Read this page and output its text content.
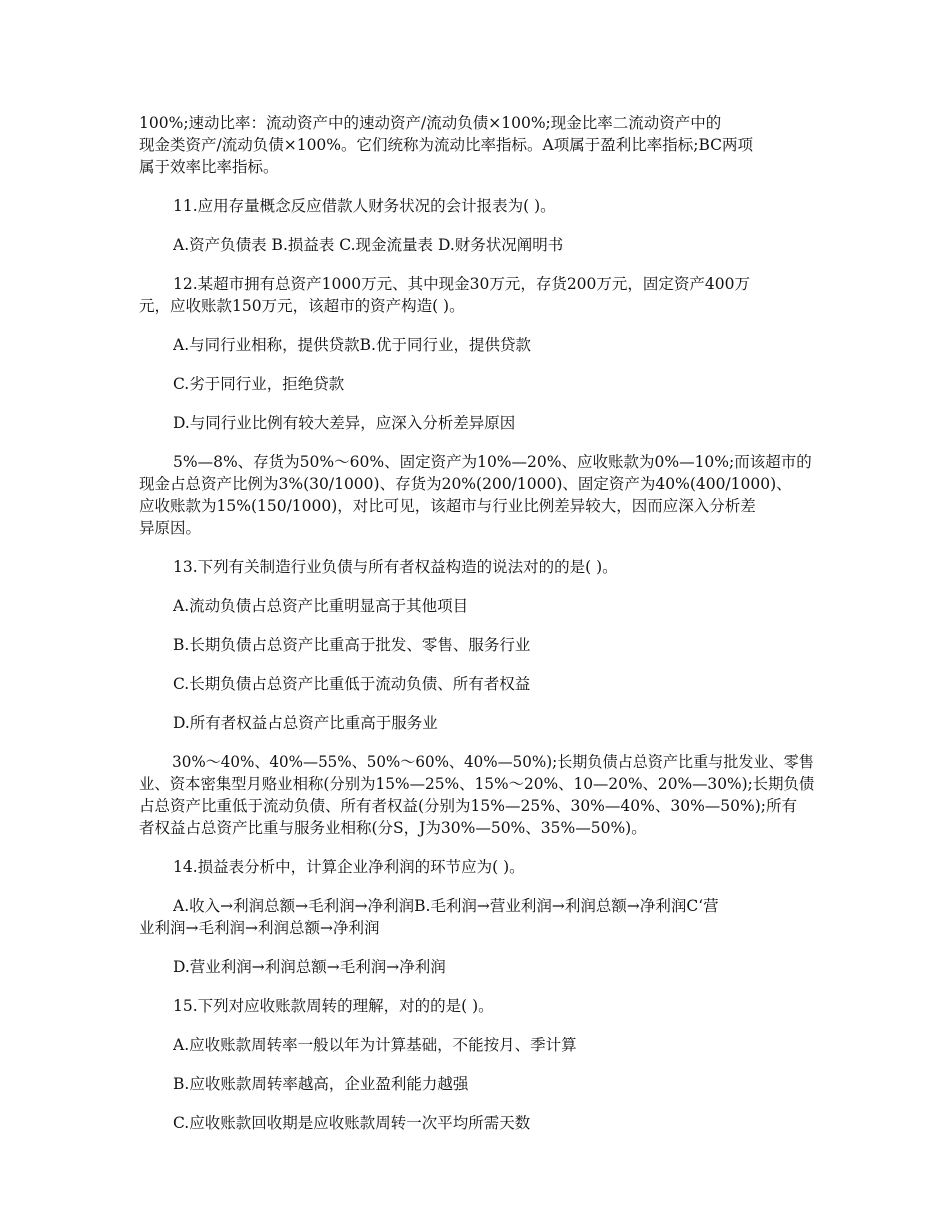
100%;速动比率：流动资产中的速动资产/流动负债×100%;现金比率二流动资产中的
现金类资产/流动负债×100%。它们统称为流动比率指标。A项属于盈利比率指标;BC两项
属于效率比率指标。
11.应用存量概念反应借款人财务状况的会计报表为( )。
A.资产负债表 B.损益表 C.现金流量表 D.财务状况阐明书
12.某超市拥有总资产1000万元、其中现金30万元，存货200万元，固定资产400万
元，应收账款150万元，该超市的资产构造( )。
A.与同行业相称，提供贷款B.优于同行业，提供贷款
C.劣于同行业，拒绝贷款
D.与同行业比例有较大差异，应深入分析差异原因
5%—8%、存货为50%～60%、固定资产为10%—20%、应收账款为0%—10%;而该超市的
现金占总资产比例为3%(30/1000)、存货为20%(200/1000)、固定资产为40%(400/1000)、
应收账款为15%(150/1000)，对比可见，该超市与行业比例差异较大，因而应深入分析差
异原因。
13.下列有关制造行业负债与所有者权益构造的说法对的的是( )。
A.流动负债占总资产比重明显高于其他项目
B.长期负债占总资产比重高于批发、零售、服务行业
C.长期负债占总资产比重低于流动负债、所有者权益
D.所有者权益占总资产比重高于服务业
30%～40%、40%—55%、50%～60%、40%—50%);长期负债占总资产比重与批发业、零售
业、资本密集型月赂业相称(分别为15%—25%、15%～20%、10—20%、20%—30%);长期负债
占总资产比重低于流动负债、所有者权益(分别为15%—25%、30%—40%、30%—50%);所有
者权益占总资产比重与服务业相称(分S，J为30%—50%、35%—50%)。
14.损益表分析中，计算企业净利润的环节应为( )。
A.收入→利润总额→毛利润→净利润B.毛利润→营业利润→利润总额→净利润C‘营
业利润→毛利润→利润总额→净利润
D.营业利润→利润总额→毛利润→净利润
15.下列对应收账款周转的理解，对的的是( )。
A.应收账款周转率一般以年为计算基础，不能按月、季计算
B.应收账款周转率越高，企业盈利能力越强
C.应收账款回收期是应收账款周转一次平均所需天数
